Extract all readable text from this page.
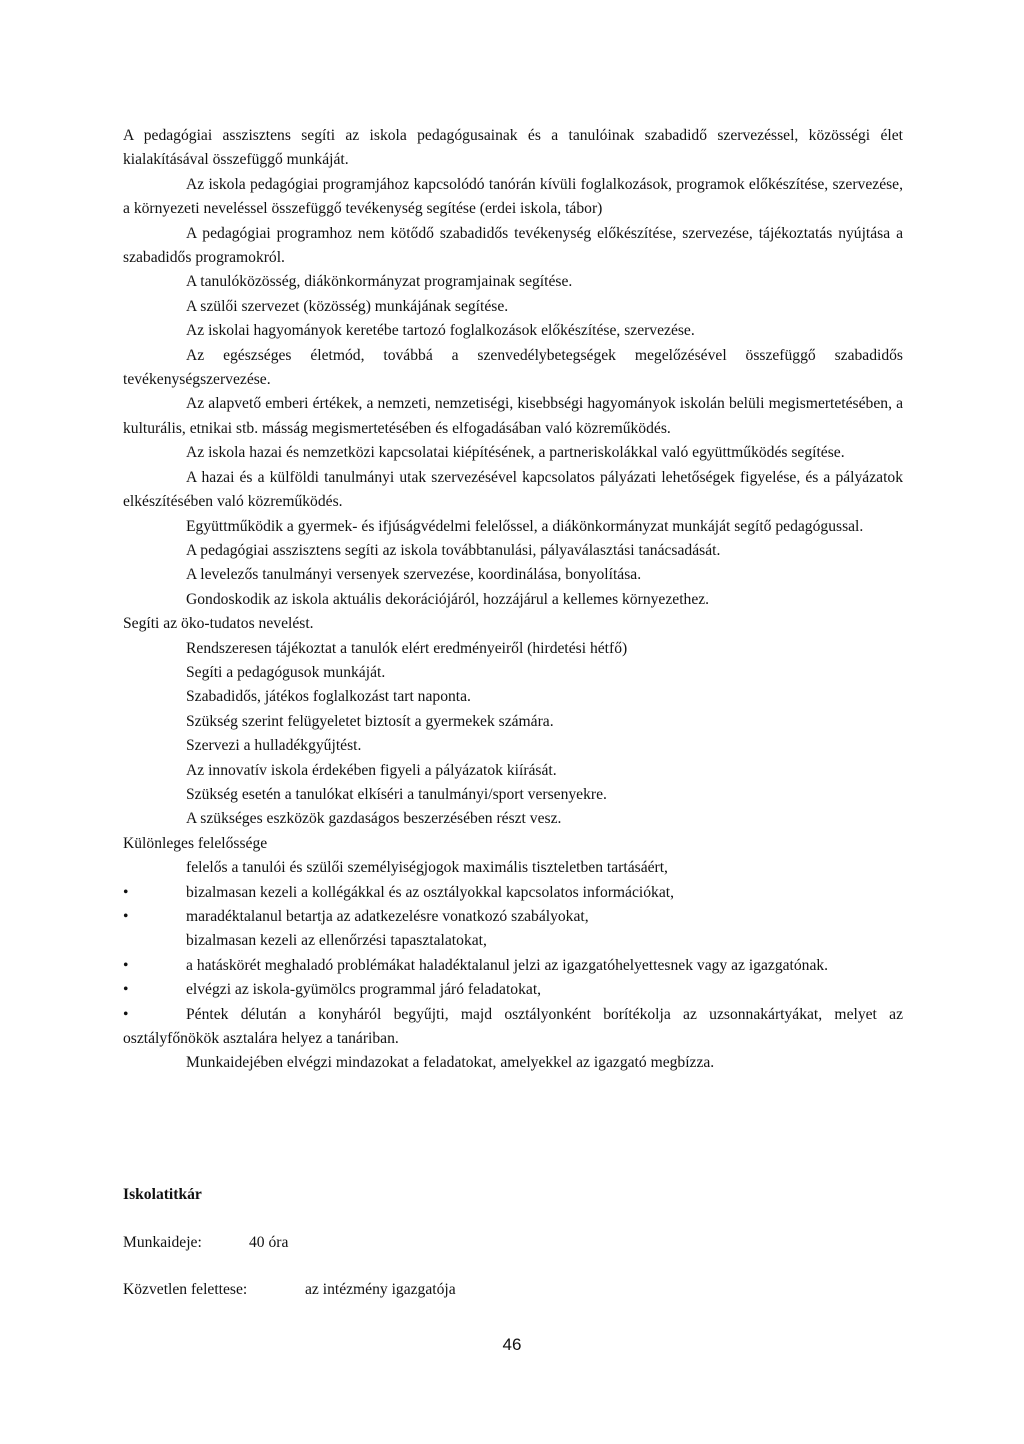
A pedagógiai asszisztens segíti az iskola pedagógusainak és a tanulóinak szabadidő szervezéssel, közösségi élet kialakításával összefüggő munkáját.

Az iskola pedagógiai programjához kapcsolódó tanórán kívüli foglalkozások, programok előkészítése, szervezése, a környezeti neveléssel összefüggő tevékenység segítése (erdei iskola, tábor)

A pedagógiai programhoz nem kötődő szabadidős tevékenység előkészítése, szervezése, tájékoztatás nyújtása a szabadidős programokról.

A tanulóközösség, diákönkormányzat programjainak segítése.

A szülői szervezet (közösség) munkájának segítése.

Az iskolai hagyományok keretébe tartozó foglalkozások előkészítése, szervezése.

Az egészséges életmód, továbbá a szenvedélybetegségek megelőzésével összefüggő szabadidős tevékenységszervezése.

Az alapvető emberi értékek, a nemzeti, nemzetiségi, kisebbségi hagyományok iskolán belüli megismertetésében, a kulturális, etnikai stb. másság megismertetésében és elfogadásában való közreműködés.

Az iskola hazai és nemzetközi kapcsolatai kiépítésének, a partneriskolákkal való együttműködés segítése.

A hazai és a külföldi tanulmányi utak szervezésével kapcsolatos pályázati lehetőségek figyelése, és a pályázatok elkészítésében való közreműködés.

Együttműködik a gyermek- és ifjúságvédelmi felelőssel, a diákönkormányzat munkáját segítő pedagógussal.

A pedagógiai asszisztens segíti az iskola továbbtanulási, pályaválasztási tanácsadását.

A levelezős tanulmányi versenyek szervezése, koordinálása, bonyolítása.

Gondoskodik az iskola aktuális dekorációjáról, hozzájárul a kellemes környezethez.

Segíti az öko-tudatos nevelést.

Rendszeresen tájékoztat a tanulók elért eredményeiről (hirdetési hétfő)

Segíti a pedagógusok munkáját.

Szabadidős, játékos foglalkozást tart naponta.

Szükség szerint felügyeletet biztosít a gyermekek számára.

Szervezi a hulladékgyűjtést.

Az innovatív iskola érdekében figyeli a pályázatok kiírását.

Szükség esetén a tanulókat elkíséri a tanulmányi/sport versenyekre.

A szükséges eszközök gazdaságos beszerzésében részt vesz.

Különleges felelőssége

felelős a tanulói és szülői személyiségjogok maximális tiszteletben tartásáért,

•	bizalmasan kezeli a kollégákkal és az osztályokkal kapcsolatos információkat,
•	maradéktalanul betartja az adatkezelésre vonatkozó szabályokat,

bizalmasan kezeli az ellenőrzési tapasztalatokat,

•	a hatáskörét meghaladó problémákat haladéktalanul jelzi az igazgatóhelyettesnek vagy az igazgatónak.
•	elvégzi az iskola-gyümölcs programmal járó feladatokat,
•	Péntek délután a konyháról begyűjti, majd osztályonként borítékolja az uzsonnakártyákat, melyet az osztályfőnökök asztalára helyez a tanáriban.

Munkaidejében elvégzi mindazokat a feladatokat, amelyekkel az igazgató megbízza.

Iskolatitkár

Munkaideje:	40 óra

Közvetlen felettese:	az intézmény igazgatója

46
